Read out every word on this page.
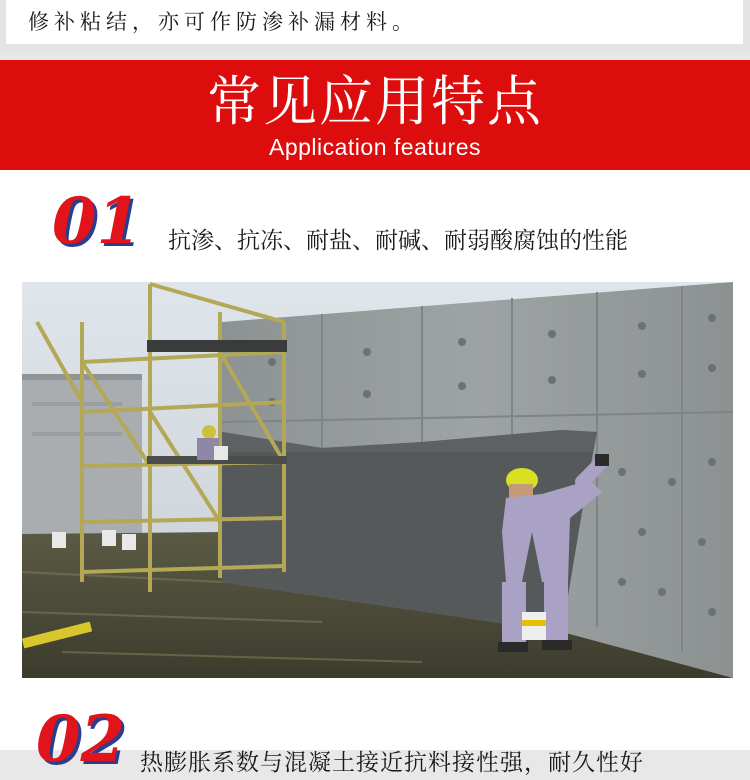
修补粘结，亦可作防渗补漏材料。
常见应用特点
Application features
01 抗渗、抗冻、耐盐、耐碱、耐弱酸腐蚀的性能
02 热膨胀系数与混凝土接近抗料接性强，耐久性好
